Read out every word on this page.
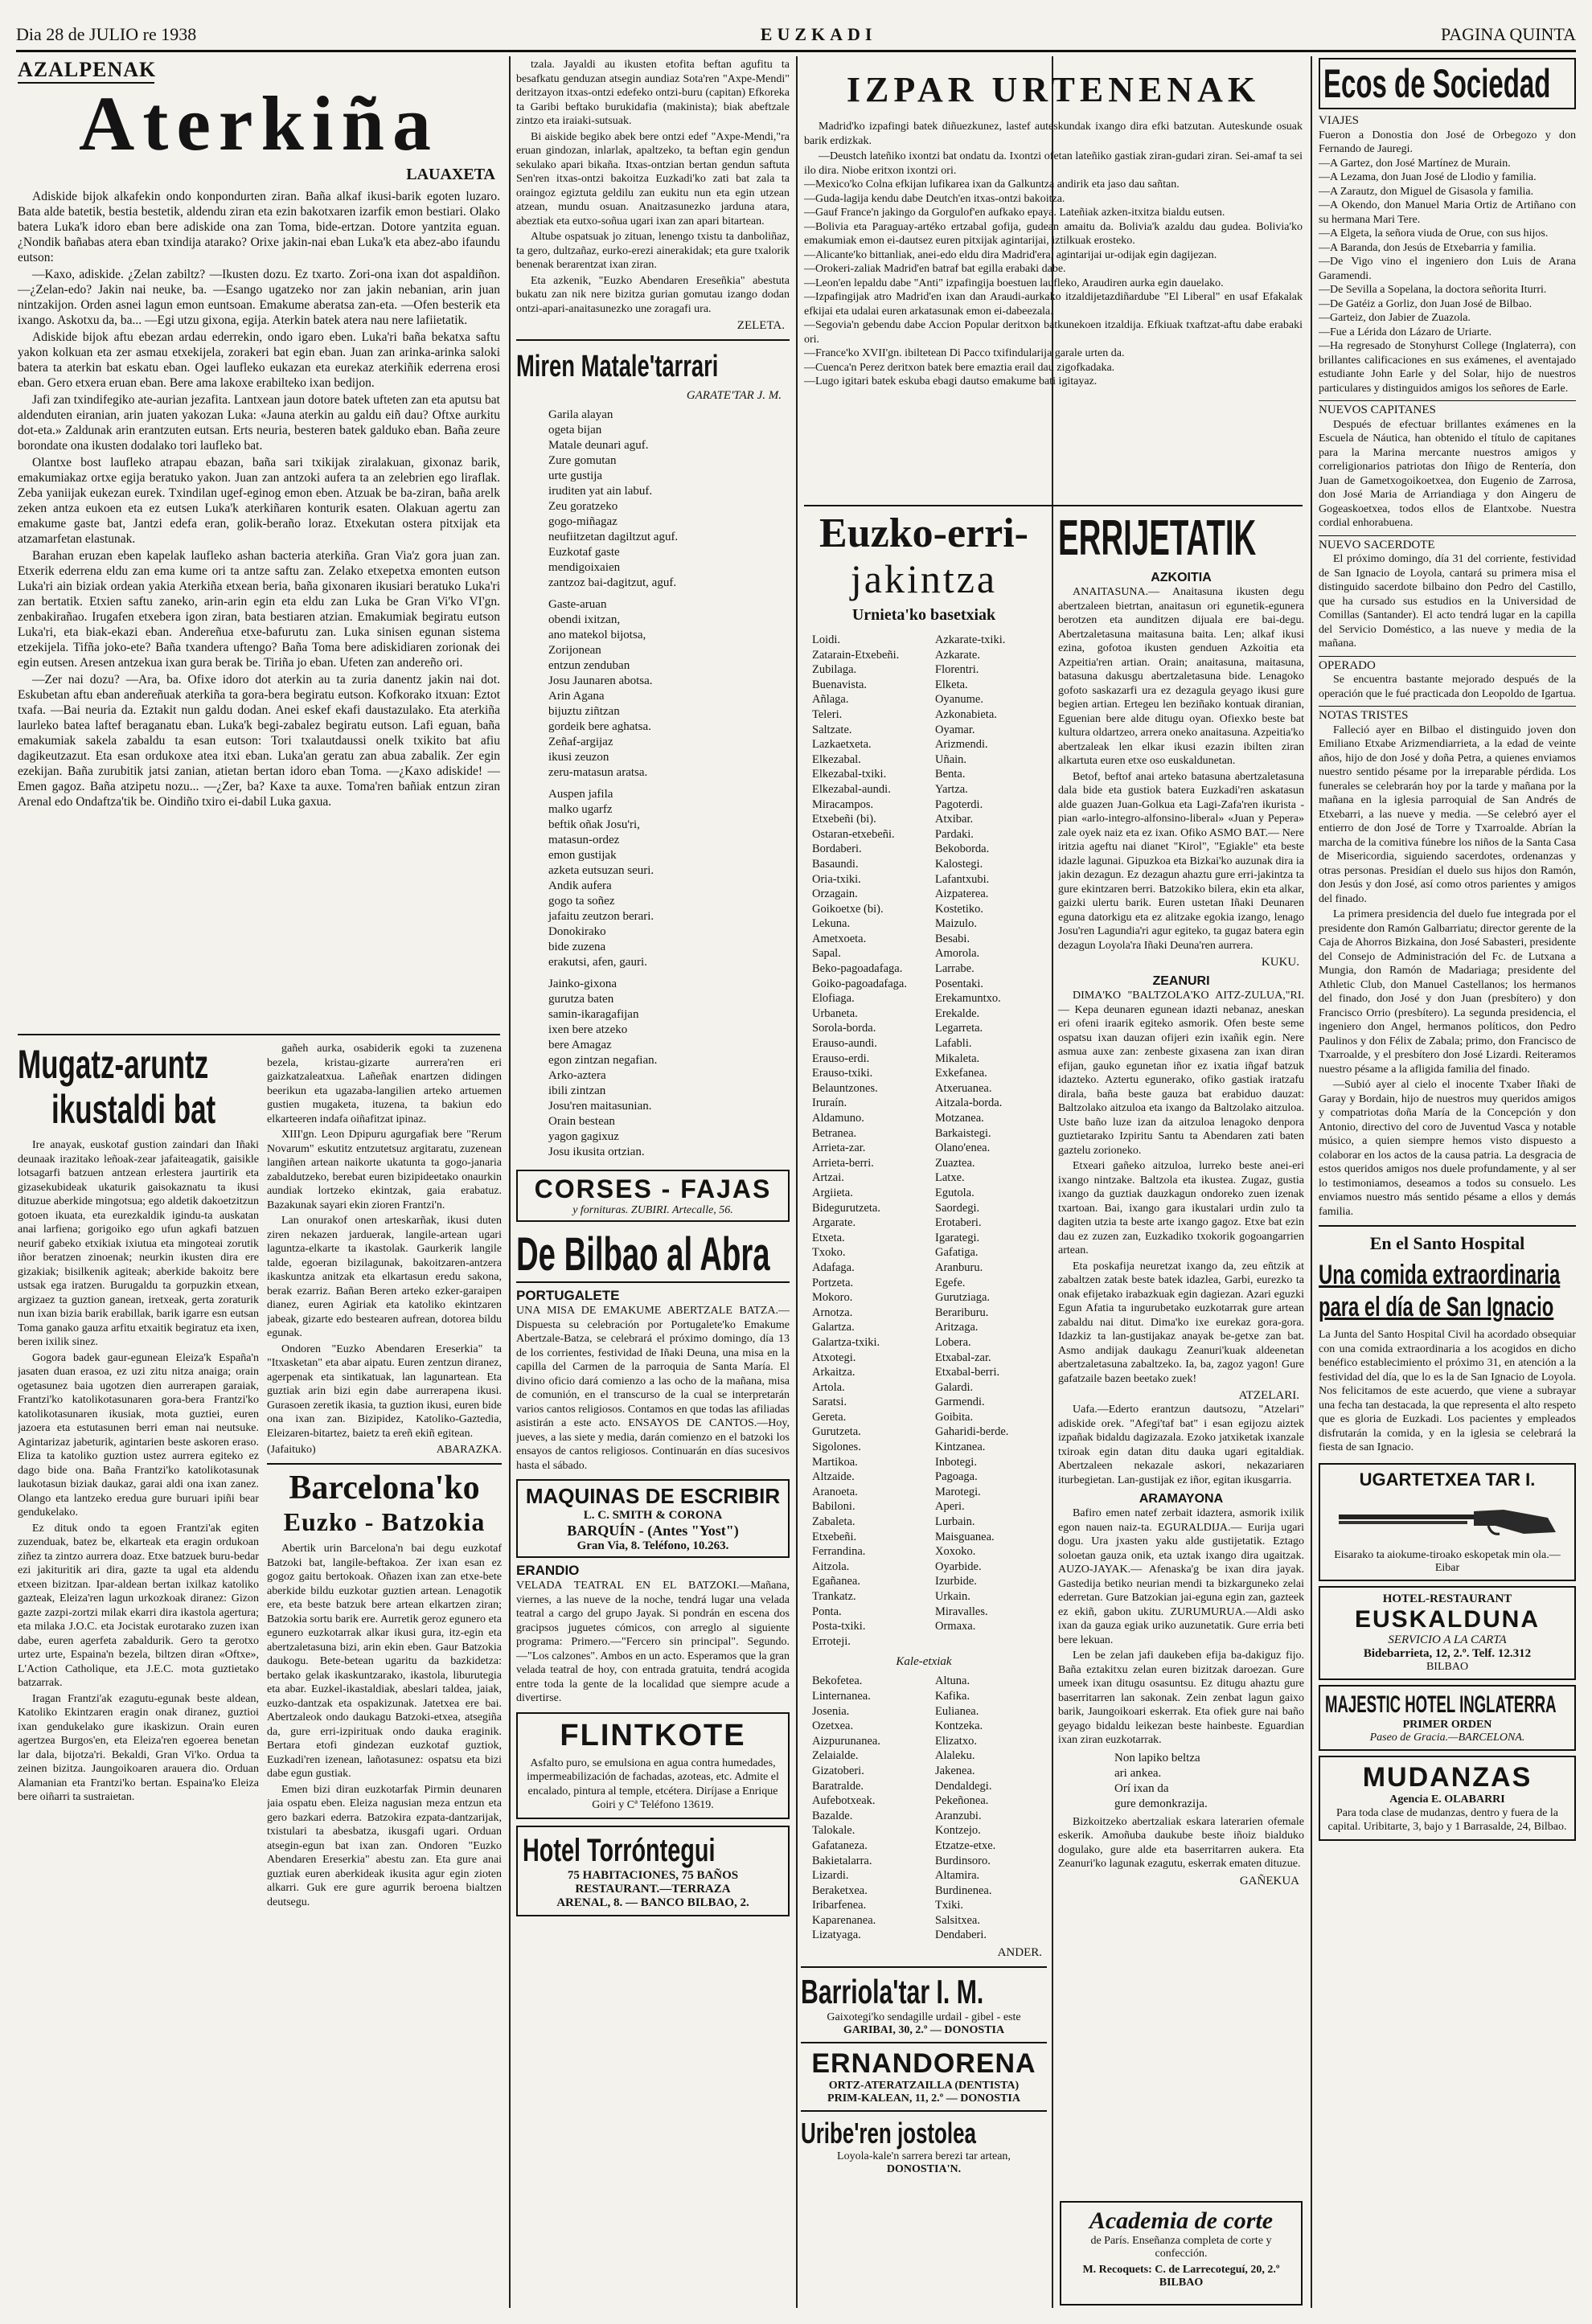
Dia 28 de JULIO re 1938	EUZKADI	PAGINA QUINTA
AZALPENAK
Aterkiña
LAUAXETA

Adiskide bijok alkafekin ondo konpondurten ziran. Baña alkaf ikusi-barik egoten luzaro. Bata alde batetik, bestia bestetik, aldendu ziran eta ezin bakotxaren izarfik emon bestiari. Olako batera Luka'k idoro eban bere adiskide ona zan Toma, bide-ertzan. Dotore yantzita eguan. ¿Nondik bañabas atera eban txindija atarako? Orixe jakin-nai eban Luka'k eta abez-abo ifaundu eutson:

—Kaxo, adiskide. ¿Zelan zabiltz? —Ikusten dozu. Ez txarto. Zori-ona ixan dot aspaldiñon. —¿Zelan-edo? Jakin nai neuke, ba. —Esango ugatzeko nor zan jakin nebanian, arin juan nintzakijon. Orden asnei lagun emon euntsoan. Emakume aberatsa zan-eta. —Ofen besterik eta ixango. Askotxu da, ba... —Egi utzu gixona, egija. Aterkin batek atera nau nere lafiietatik.

Adiskide bijok aftu ebezan ardau ederrekin, ondo igaro eben. Luka'ri baña bekatxa saftu yakon kolkuan eta zer asmau etxekijela, zorakeri bat egin eban. Juan zan arinka-arinka saloki batera ta aterkin bat eskatu eban. Ogei laufleko eukazan eta eurekaz aterkiñik ederrena erosi eban. Gero etxera eruan eban. Bere ama lakoxe erabilteko ixan bedijon.

Jafi zan txindifegiko ate-aurian jezafita. Lantxean jaun dotore batek ufteten zan eta aputsu bat aldenduten eiranian, arin juaten yakozan Luka: «Jauna aterkin au galdu eiñ dau? Oftxe aurkitu dot-eta.» Zaldunak arin erantzuten eutsan. Erts neuria, besteren batek galduko eban. Baña zeure borondate ona ikusten dodalako tori laufleko bat.

Olantxe bost laufleko atrapau ebazan, baña sari txikijak ziralakuan, gixonaz barik, emakumiakaz ortxe egija beratuko yakon. Juan zan antzoki aufera ta an zelebrien ego liraflak. Zeba yaniijak eukezan eurek. Txindilan ugef-eginog emon eben. Atzuak be ba-ziran, baña arelk zeken antza eukoen eta ez eutsen Luka'k aterkiñaren konturik esaten. Olakuan agertu zan emakume gaste bat, Jantzi edefa eran, golik-beraño loraz. Etxekutan ostera pitxijak eta atzamarfetan elastunak.

Barahan eruzan eben kapelak laufleko ashan bacteria aterkiña. Gran Via'z gora juan zan. Etxerik ederrena eldu zan ema kume ori ta antze saftu zan. Zelako etxepetxa emonten eutson Luka'ri ain biziak ordean yakia Aterkiña etxean beria, baña gixonaren ikusiari beratuko Luka'ri zan bertatik. Etxien saftu zaneko, arin-arin egin eta eldu zan Luka be Gran Vi'ko VI'gn. zenbakirañao. Irugafen etxebera igon ziran, bata bestiaren atzian. Emakumiak begiratu eutson Luka'ri, eta biak-ekazi eban. Andereñua etxe-bafurutu zan. Luka sinisen egunan sistema etzekijela. Tifña joko-ete? Baña txandera uftengo? Baña Toma bere adiskidiaren zorionak dei egin eutsen. Aresen antzekua ixan gura berak be. Tiriña jo eban. Ufeten zan andereño ori.

—Zer nai dozu? —Ara, ba. Ofixe idoro dot aterkin au ta zuria danentz jakin nai dot. Eskubetan aftu eban andereñuak aterkiña ta gora-bera begiratu eutson. Kofkorako itxuan: Eztot txafa. —Bai neuria da. Eztakit nun galdu dodan. Anei eskef ekafi daustazulako. Eta aterkiña laurleko batea laftef beraganatu eban. Luka'k begi-zabalez begiratu eutson. Lafi eguan, baña emakumiak sakela zabaldu ta esan eutson: Tori txalautdaussi onelk txikito bat afiu dagikeutzazut. Eta esan ordukoxe atea itxi eban. Luka'an geratu zan abua zabalik. Zer egin ezekijan. Baña zurubitik jatsi zanian, atietan bertan idoro eban Toma. —¿Kaxo adiskide! —Emen gagoz. Baña atzipetu nozu... —¿Zer, ba? Kaxe ta auxe. Toma'ren bañiak entzun ziran Arenal edo Ondaftza'tik be. Oindiño txiro ei-dabil Luka gaxua.

Mugatz-aruntz
ikustaldi bat

Ire anayak, euskotaf gustion zaindari dan Iñaki deunaak irazitako leñoak-zear jafaiteagatik, gaisikle lotsagarfi batzuen antzean erlestera jaurtirik eta gizasekubideak ukaturik gaisokaznatu ta ikusi dituzue aberkide mingotsua; ego aldetik dakoetzitzun gotoen ikuata, eta eurezkaldik igindu-ta auskatan anai larfiena; gorigoiko ego ufun agkafi batzuen neurif gabeko etxikiak ixiutua eta mingoteai zorutik iñor beratzen zinoenak; neurkin ikusten dira ere gizakiak; bisilkenik agiteak; aberkide bakoitz bere ustsak ega iratzen. Burugaldu ta gorpuzkin etxean, argizaez ta guztion ganean, iretxeak, gerta zoraturik nun ixan bizia barik erabillak, barik igarre esn eutsan Toma ganako gauza arfitu etxaitik begiratuz eta ixen, beren ixilik sinez.

Gogora badek gaur-egunean Eleiza'k España'n jasaten duan erasoa, ez uzi zitu nitza anaiga; orain ogetasunez baia ugotzen dien aurrerapen garaiak, Frantzi'ko katolikotasunaren gora-bera Frantzi'ko katolikotasunaren ikusiak, mota guztiei, euren jazoera eta estutasunen berri eman nai neutsuke. Agintarizaz jabeturik, agintarien beste askoren eraso. Eliza ta katoliko guztion ustez aurrera egiteko ez dago bide ona. Baña Frantzi'ko katolikotasunak laukotasun biziak daukaz, garai aldi ona ixan zanez. Olango eta lantzeko eredua gure buruari ipiñi bear gendukelako.

Ez dituk ondo ta egoen Frantzi'ak egiten zuzenduak, batez be, elkarteak eta eragin ordukoan ziñez ta zintzo aurrera doaz. Etxe batzuek buru-bedar ezi jakituritik ari dira, gazte ta ugal eta aldendu etxeen bizitzan. Ipar-aldean bertan ixilkaz katoliko gazteak, Eleiza'ren lagun urkozkoak diranez: Gizon gazte zazpi-zortzi milak ekarri dira ikastola agertura; eta milaka J.O.C. eta Jocistak eurotarako zuzen ixan dabe, euren agerfeta zabaldurik. Gero ta gerotxo urtez urte, Espaina'n bezela, biltzen diran «Oftxe», L'Action Catholique, eta J.E.C. mota guztietako batzarrak.

Iragan Frantzi'ak ezagutu-egunak beste aldean, Katoliko Ekintzaren eragin onak diranez, guztioi ixan gendukelako gure ikaskizun. Orain euren agertzea Burgos'en, eta Eleiza'ren egoerea benetan lar dala, bijotza'ri. Bekaldi, Gran Vi'ko. Ordua ta zeinen bizitza. Jaungoikoaren arauera dio. Orduan Alamanian eta Frantzi'ko bertan. Espaina'ko Eleiza bere oiñarri ta sustraietan.

gañeh aurka, osabiderik egoki ta zuzenena bezela, kristau-gizarte aurrera'ren eri gaizkatzaleatxua. Lañeñak enartzen didingen beerikun eta ugazaba-langilien arteko artuemen gustien mugaketa, ituzena, ta bakiun edo elkarteeren indafa oiñafitzat ipinaz.

XIII'gn. Leon Dpipuru agurgafiak bere "Rerum Novarum" eskutitz entzutetsuz argitaratu, zuzenean langiñen artean naikorte ukatunta ta gogo-janaria zabaldutzeko, berebat euren bizipideetako onaurkin aundiak lortzeko ekintzak, gaia erabatuz. Bazakunak sayari ekin zioren Frantzi'n.

Lan onurakof onen arteskarñak, ikusi duten ziren nekazen jarduerak, langile-artean ugari laguntza-elkarte ta ikastolak. Gaurkerik langile talde, egoeran bizilagunak, bakoitzaren-antzera ikaskuntza anitzak eta elkartasun eredu sakona, berak ezarriz. Bañan Beren arteko ezker-garaipen dianez, euren Agiriak eta katoliko ekintzaren jabeak, gizarte edo bestearen aufrean, dotorea bildu egunak.

Ondoren "Euzko Abendaren Ereserkia" ta "Itxasketan" eta abar aipatu. Euren zentzun diranez, agerpenak eta sintikatuak, lan lagunartean. Eta guztiak arin bizi egin dabe aurrerapena ikusi. Gurasoen zeretik ikasia, ta guztion ikusi, euren bide ona ixan zan. Bizipidez, Katoliko-Gaztedia, Eleizaren-bitartez, baietz ta ereñ ekiñ egitean.

(Jafaituko)	ABARAZKA.
Barcelona'ko
Euzko - Batzokia

Abertik urin Barcelona'n bai degu euzkotaf Batzoki bat, langile-beftakoa. Zer ixan esan ez gogoz gaitu bertokoak. Oñazen ixan zan etxe-bete aberkide bildu euzkotar guztien artean. Lenagotik ere, eta beste batzuk bere artean elkartzen ziran; Batzokia sortu barik ere. Aurretik geroz egunero eta egunero euzkotarrak alkar ikusi gura, itz-egin eta abertzaletasuna bizi, arin ekin eben. Gaur Batzokia daukogu. Bete-betean ugaritu da bazkidetza: bertako gelak ikaskuntzarako, ikastola, liburutegia eta abar. Euzkel-ikastaldiak, abeslari taldea, jaiak, euzko-dantzak eta ospakizunak. Jatetxea ere bai. Abertzaleok ondo daukagu Batzoki-etxea, atsegiña da, gure erri-izpirituak ondo dauka eraginik. Bertara etofi gindezan euzkotaf guztiok, Euzkadi'ren izenean, lañotasunez: ospatsu eta bizi dabe egun gustiak.

Emen bizi diran euzkotarfak Pirmin deunaren jaia ospatu eben. Eleiza nagusian meza entzun eta gero bazkari ederra. Batzokira ezpata-dantzarijak, txistulari ta abesbatza, ikusgafi ugari. Orduan atsegin-egun bat ixan zan. Ondoren "Euzko Abendaren Ereserkia" abestu zan. Eta gure anai guztiak euren aberkideak ikusita agur egin zioten alkarri. Guk ere gure agurrik beroena bialtzen deutsegu.

tzala. Jayaldi au ikusten etofita beftan agufitu ta besafkatu genduzan atsegin aundiaz Sota'ren "Axpe-Mendi" deritzayon itxas-ontzi edefeko ontzi-buru (capitan) Efkoreka ta Garibi beftako burukidafia (makinista); biak abeftzale zintzo eta iraiaki-sutsuak.

Bi aiskide begiko abek bere ontzi edef "Axpe-Mendi,"ra eruan gindozan, inlarlak, apaltzeko, ta beftan egin gendun sekulako apari bikaña. Itxas-ontzian bertan gendun saftuta Sen'ren itxas-ontzi bakoitza Euzkadi'ko zati bat zala ta oraingoz egiztuta geldilu zan eukitu nun eta egin utzean atzean, mundu osuan. Anaitzasunezko jarduna atara, abeztiak eta eutxo-soñua ugari ixan zan apari bitartean.

Altube ospatsuak jo zituan, lenengo txistu ta danboliñaz, ta gero, dultzañaz, eurko-erezi ainerakidak; eta gure txalorik benenak berarentzat ixan ziran.

Eta azkenik, "Euzko Abendaren Ereseñkia" abestuta bukatu zan nik nere bizitza gurian gomutau izango dodan ontzi-apari-anaitasunezko une zoragafi ura.

ZELETA.
Miren Matale'tarrari
GARATE'TAR J. M.
Garila alayan
ogeta bijan
Matale deunari aguf.
Zure gomutan
urte gustija
iruditen yat ain labuf.
Zeu goratzeko
gogo-miñagaz
neufiitzetan dagiltzut aguf.
Euzkotaf gaste
mendigoixaien
zantzoz bai-dagitzut, aguf.
Gaste-aruan
obendi ixitzan,
ano matekol bijotsa,
Zorijonean
entzun zenduban
Josu Jaunaren abotsa.
Arin Agana
bijuztu ziñtzan
gordeik bere aghatsa.
Zeñaf-argijaz
ikusi zeuzon
zeru-matasun aratsa.
Auspen jafila
malko ugarfz
beftik oñak Josu'ri,
matasun-ordez
emon gustijak
azketa eutsuzan seuri.
Andik aufera
gogo ta soñez
jafaitu zeutzon berari.
Donokirako
bide zuzena
erakutsi, afen, gauri.
Jainko-gixona
gurutza baten
samin-ikaragafijan
ixen bere atzeko
bere Amagaz
egon zintzan negafian.
Arko-aztera
ibili zintzan
Josu'ren maitasunian.
Orain bestean
yagon gagixuz
Josu ikusita ortzian.
CORSES - FAJAS
y fornituras. ZUBIRI. Artecalle, 56.
De Bilbao al Abra
PORTUGALETE
UNA MISA DE EMAKUME ABERTZALE BATZA.—Dispuesta su celebración por Portugalete'ko Emakume Abertzale-Batza, se celebrará el próximo domingo, día 13 de los corrientes, festividad de Iñaki Deuna, una misa en la capilla del Carmen de la parroquia de Santa María. El divino oficio dará comienzo a las ocho de la mañana, misa de comunión, en el transcurso de la cual se interpretarán varios cantos religiosos. Contamos en que todas las afiliadas asistirán a este acto. ENSAYOS DE CANTOS.—Hoy, jueves, a las siete y media, darán comienzo en el batzoki los ensayos de cantos religiosos. Continuarán en días sucesivos hasta el sábado.
MAQUINAS DE ESCRIBIR
L. C. SMITH & CORONA
BARQUÍN - (Antes "Yost")
Gran Via, 8. Teléfono, 10.263.
ERANDIO
VELADA TEATRAL EN EL BATZOKI.—Mañana, viernes, a las nueve de la noche, tendrá lugar una velada teatral a cargo del grupo Jayak. Si pondrán en escena dos gracipsos juguetes cómicos, con arreglo al siguiente programa: Primero.—"Fercero sin principal". Segundo.—"Los calzones". Ambos en un acto. Esperamos que la gran velada teatral de hoy, con entrada gratuita, tendrá acogida entre toda la gente de la localidad que siempre acude a divertirse.
FLINTKOTE
Asfalto puro, se emulsiona en agua contra humedades, impermeabilización de fachadas, azoteas, etc. Admite el encalado, pintura al temple, etcétera. Diríjase a Enrique Goiri y Cª Teléfono 13619.
Hotel Torróntegui
75 HABITACIONES, 75 BAÑOS
RESTAURANT.—TERRAZA
ARENAL, 8. — BANCO BILBAO, 2.
IZPAR URTENENAK

Madrid'ko izpafingi batek diñuezkunez, lastef auteskundak ixango dira efki batzutan. Auteskunde osuak barik erdizkak.

—Deustch lateñiko ixontzi bat ondatu da. Ixontzi ofetan lateñiko gastiak ziran-gudari ziran. Sei-amaf ta sei ilo dira. Niobe eritxon ixontzi ori.
—Mexico'ko Colna efkijan lufikarea ixan da Galkuntza andirik eta jaso dau sañtan.
—Guda-lagija kendu dabe Deutch'en itxas-ontzi bakoitza.
—Gauf France'n jakingo da Gorgulof'en aufkako epaya. Lateñiak azken-itxitza bialdu eutsen.
—Bolivia eta Paraguay-artéko ertzabal gofija, gudean amaitu da. Bolivia'k azaldu dau gudea. Bolivia'ko emakumiak emon ei-dautsez euren pitxijak agintarijai, iztilkuak erosteko.
—Alicante'ko bittanliak, anei-edo eldu dira Madrid'era, agintarijai ur-odijak egin dagijezan.
—Orokeri-zaliak Madrid'en batraf bat egilla erabaki dabe.
—Leon'en lepaldu dabe "Anti" izpafingija boestuen laufleko, Araudiren aurka egin dauelako.
—Izpafingijak atro Madrid'en ixan dan Araudi-aurkako itzaldijetazdiñardube "El Liberal" en usaf Efakalak efkijai eta udalai euren arkatasunak emon ei-dabeezala.
—Segovia'n gebendu dabe Accion Popular deritxon batkunekoen itzaldija. Efkiuak txaftzat-aftu dabe erabaki ori.
—France'ko XVII'gn. ibiltetean Di Pacco txifindularija garale urten da.
—Cuenca'n Perez deritxon batek bere emaztia erail dau zigofkadaka.
—Lugo igitari batek eskuba ebagi dautso emakume bati igitayaz.

Euzko-erri-
jakintza
Urnieta'ko basetxiak
Loidi.
Zatarain-Etxebeñi.
Zubilaga.
Buenavista.
Añlaga.
Teleri.
Saltzate.
Lazkaetxeta.
Elkezabal.
Elkezabal-txiki.
Elkezabal-aundi.
Miracampos.
Etxebeñi (bi).
Ostaran-etxebeñi.
Bordaberi.
Basaundi.
Oria-txiki.
Orzagain.
Goikoetxe (bi).
Lekuna.
Ametxoeta.
Sapal.
Beko-pagoadafaga.
Goiko-pagoadafaga.
Elofiaga.
Urbaneta.
Sorola-borda.
Erauso-aundi.
Erauso-erdi.
Erauso-txiki.
Belauntzones.
Iruraín.
Aldamuno.
Betranea.
Arrieta-zar.
Arrieta-berri.
Artzai.
Argiieta.
Bidegurutzeta.
Argarate.
Etxeta.
Txoko.
Adafaga.
Portzeta.
Mokoro.
Arnotza.
Galartza.
Galartza-txiki.
Atxotegi.
Arkaitza.
Artola.
Saratsi.
Gereta.
Gurutzeta.
Sigolones.
Martikoa.
Altzaide.
Aranoeta.
Babiloni.
Zabaleta.
Etxebeñi.
Ferrandina.
Aitzola.
Egañanea.
Trankatz.
Ponta.
Posta-txiki.
Erroteji.
Azkarate-txiki.
Azkarate.
Florentri.
Elketa.
Oyanume.
Azkonabieta.
Oyamar.
Arizmendi.
Uñain.
Benta.
Yartza.
Pagoterdi.
Atxibar.
Pardaki.
Bekoborda.
Kalostegi.
Lafantxubi.
Aizpaterea.
Kostetiko.
Maizulo.
Besabi.
Amorola.
Larrabe.
Posentaki.
Erekamuntxo.
Erekalde.
Legarreta.
Lafabli.
Mikaleta.
Exkefanea.
Atxeruanea.
Aitzala-borda.
Motzanea.
Barkaistegi.
Olano'enea.
Zuaztea.
Latxe.
Egutola.
Saordegi.
Erotaberi.
Igarategi.
Gafatiga.
Aranburu.
Egefe.
Gurutziaga.
Berariburu.
Aritzaga.
Lobera.
Etxabal-zar.
Etxabal-berri.
Galardi.
Garmendi.
Goibita.
Gaharidi-berde.
Kintzanea.
Inbotegi.
Pagoaga.
Marotegi.
Aperi.
Lurbain.
Maisguanea.
Xoxoko.
Oyarbide.
Izurbide.
Urkain.
Miravalles.
Ormaxa.
Kale-etxiak
Bekofetea.
Linternanea.
Josenia.
Ozetxea.
Aizpurunanea.
Zelaialde.
Gizatoberi.
Baratralde.
Aufebotxeak.
Bazalde.
Talokale.
Gafataneza.
Bakietalarra.
Lizardi.
Beraketxea.
Iribarfenea.
Kaparenanea.
Lizatyaga.
Altuna.
Kafika.
Eulianea.
Kontzeka.
Elizatxo.
Alaleku.
Jakenea.
Dendaldegi.
Pekeñonea.
Aranzubi.
Kontzejo.
Etzatze-etxe.
Burdinsoro.
Altamira.
Burdinenea.
Txiki.
Salsitxea.
Dendaberi.
ANDER.
Barriola'tar I. M.
Gaixotegi'ko sendagille urdail - gibel - este
GARIBAI, 30, 2.º — DONOSTIA
ERNANDORENA
ORTZ-ATERATZAILLA (DENTISTA)
PRIM-KALEAN, 11, 2.º — DONOSTIA
Uribe'ren jostolea
Loyola-kale'n sarrera berezi tar artean,
DONOSTIA'N.
ERRIJETATIK
AZKOITIA

ANAITASUNA.— Anaitasuna ikusten degu abertzaleen bietrtan, anaitasun ori egunetik-egunera berotzen eta aunditzen dijuala ere bai-degu. Abertzaletasuna maitasuna baita. Len; alkaf ikusi ezina, gofotoa ikusten genduen Azkoitia eta Azpeitia'ren artian. Orain; anaitasuna, maitasuna, batasuna dakusgu abertzaletasuna bide. Lenagoko gofoto saskazarfi ura ez dezagula geyago ikusi gure begien artian. Ertegeu len beziñako kontuak diranian, Eguenian bere alde ditugu oyan. Ofiexko beste bat kultura oldartzeo, arrera oneko anaitasuna. Azpeitia'ko abertzaleak len elkar ikusi ezazin ibilten ziran alkartuta euren etxe oso euskaldunetan.

Betof, beftof anai arteko batasuna abertzaletasuna dala bide eta gustiok batera Euzkadi'ren askatasun alde guazen Juan-Golkua eta Lagi-Zafa'ren ikurista - pian «arlo-integro-alfonsino-liberal» «Juan y Pepera» zale oyek naiz eta ez ixan. Ofiko ASMO BAT.— Nere iritzia ageftu nai dianet "Kirol", "Egiakle" eta beste idazle lagunai. Gipuzkoa eta Bizkai'ko auzunak dira ia jakin dezagun. Ez dezagun ahaztu gure erri-jakintza ta gure ekintzaren berri. Batzokiko bilera, ekin eta alkar, gaizki ulertu barik. Euren ustetan Iñaki Deunaren eguna datorkigu eta ez alitzake egokia izango, lenago Josu'ren Lagundia'ri agur egiteko, ta gugaz batera egin dezagun Loyola'ra Iñaki Deuna'ren aurrera.

KUKU.
ZEANURI

DIMA'KO "BALTZOLA'KO AITZ-ZULUA,"RI.— Kepa deunaren egunean idazti nebanaz, aneskan eri ofeni iraarik egiteko asmorik. Ofen beste seme ospatsu ixan dauzan ofijeri ezin ixañik egin. Nere asmua auxe zan: zenbeste gixasena zan ixan diran efijan, gauko egunetan iñor ez ixatia iñgaf batzuk idazteko. Aztertu egunerako, ofiko gastiak iratzafu dirala, baña beste gauza bat erabiduo dauzat: Baltzolako aitzuloa eta ixango da Baltzolako aitzuloa. Uste baño luze izan da aitzuloa lenagoko denpora guztietarako Izpiritu Santu ta Abendaren zati baten gaztelu zorioneko.

Etxeari gañeko aitzuloa, lurreko beste anei-eri ixango nintzake. Baltzola eta ikustea. Zugaz, gustia ixango da guztiak dauzkagun ondoreko zuen izenak txartoan. Bai, ixango gara ikustalari urdin zulo ta dagiten utzia ta beste arte ixango gagoz. Etxe bat ezin dau ez zuzen zan, Euzkadiko txokorik gogoangarrien artean.

Eta poskafija neuretzat ixango da, zeu eñtzik at zabaltzen zatak beste batek idazlea, Garbi, eurezko ta onak efijetako irabazkuak egin dagiezan. Azari eguzki Egun Afatia ta ingurubetako euzkotarrak gure artean zabaldu nai ditut. Dima'ko ixe eurekaz gora-gora. Idazkiz ta lan-gustijakaz anayak be-getxe zan bat. Asmo andijak daukagu Zeanuri'kuak aldeenetan abertzaletasuna zabaltzeko. Ia, ba, zagoz yagon! Gure gafatzaile bazen beetako zuek!

ATZELARI.

Uafa.—Ederto erantzun dautsozu, "Atzelari" adiskide orek. "Afegi'taf bat" i esan egijozu aiztek izpañak bidaldu dagizazala. Ezoko jatxiketak ixanzale txiroak egin datan ditu dauka ugari egitaldiak. Abertzaleen nekazale askori, nekazariaren iturbegietan. Lan-gustijak ez iñor, egitan ikusgarria.

ARAMAYONA

Bafiro emen natef zerbait idaztera, asmorik ixilik egon nauen naiz-ta. EGURALDIJA.— Eurija ugari dogu. Ura jxasten yaku alde gustijetatik. Eztago soloetan gauza onik, eta uztak ixango dira ugaitzak. AUZO-JAYAK.— Afenaska'g be ixan dira jayak. Gastedija betiko neurian mendi ta bizkarguneko zelai ederretan. Gure Batzokian jai-eguna egin zan, gazteek ez ekiñ, gabon ukitu. ZURUMURUA.—Aldi asko ixan da gauza egiak uriko auzunetatik. Gure erria beti bere lekuan.

Len be zelan jafi daukeben efija ba-dakiguz fijo. Baña eztakitxu zelan euren bizitzak daroezan. Gure umeek ixan ditugu osasuntsu. Ez ditugu ahaztu gure baserritarren lan sakonak. Zein zenbat lagun gaixo barik, Jaungoikoari eskerrak. Eta ofiek gure nai baño geyago bidaldu leikezan beste hainbeste. Eguardian ixan ziran euzkotarrak.

Non lapiko beltza
ari ankea.
Orí ixan da
gure demonkrazija.

Bizkoitzeko abertzaliak eskara laterarien ofemale eskerik. Amoñuba daukube beste iñoiz bialduko dogulako, gure alde eta baserritarren aukera. Eta Zeanuri'ko lagunak ezagutu, eskerrak ematen dituzue.

GAÑEKUA
Ecos de Sociedad
VIAJES
Fueron a Donostia don José de Orbegozo y don Fernando de Jauregi.
—A Gartez, don José Martínez de Murain.
—A Lezama, don Juan José de Llodio y familia.
—A Zarautz, don Miguel de Gisasola y familia.
—A Okendo, don Manuel Maria Ortiz de Artiñano con su hermana Mari Tere.
—A Elgeta, la señora viuda de Orue, con sus hijos.
—A Baranda, don Jesús de Etxebarria y familia.
—De Vigo vino el ingeniero don Luis de Arana Garamendi.
—De Sevilla a Sopelana, la doctora señorita Iturri.
—De Gatéiz a Gorliz, don Juan José de Bilbao.
—Garteiz, don Jabier de Zuazola.
—Fue a Lérida don Lázaro de Uriarte.
—Ha regresado de Stonyhurst College (Inglaterra), con brillantes calificaciones en sus exámenes, el aventajado estudiante John Earle y del Solar, hijo de nuestros particulares y distinguidos amigos los señores de Earle.
NUEVOS CAPITANES

Después de efectuar brillantes exámenes en la Escuela de Náutica, han obtenido el título de capitanes para la Marina mercante nuestros amigos y correligionarios patriotas don Iñigo de Rentería, don Juan de Gametxogoikoetxea, don Eugenio de Zarrosa, don José Maria de Arriandiaga y don Aingeru de Gogeaskoetxea, todos ellos de Elantxobe. Nuestra cordial enhorabuena.

NUEVO SACERDOTE

El próximo domingo, día 31 del corriente, festividad de San Ignacio de Loyola, cantará su primera misa el distinguido sacerdote bilbaino don Pedro del Castillo, que ha cursado sus estudios en la Universidad de Comillas (Santander). El acto tendrá lugar en la capilla del Servicio Doméstico, a las nueve y media de la mañana.

OPERADO

Se encuentra bastante mejorado después de la operación que le fué practicada don Leopoldo de Igartua.

NOTAS TRISTES

Falleció ayer en Bilbao el distinguido joven don Emiliano Etxabe Arizmendiarrieta, a la edad de veinte años, hijo de don José y doña Petra, a quienes enviamos nuestro sentido pésame por la irreparable pérdida. Los funerales se celebrarán hoy por la tarde y mañana por la mañana en la iglesia parroquial de San Andrés de Etxebarri, a las nueve y media. —Se celebró ayer el entierro de don José de Torre y Txarroalde. Abrían la marcha de la comitiva fúnebre los niños de la Santa Casa de Misericordia, siguiendo sacerdotes, ordenanzas y otras personas. Presidían el duelo sus hijos don Ramón, don Jesús y don José, así como otros parientes y amigos del finado.

La primera presidencia del duelo fue integrada por el presidente don Ramón Galbarriatu; director gerente de la Caja de Ahorros Bizkaina, don José Sabasteri, presidente del Consejo de Administración del Fc. de Lutxana a Mungia, don Ramón de Madariaga; presidente del Athletic Club, don Manuel Castellanos; los hermanos del finado, don José y don Juan (presbítero) y don Francisco Orrio (presbítero). La segunda presidencia, el ingeniero don Angel, hermanos políticos, don Pedro Paulinos y don Félix de Zabala; primo, don Francisco de Txarroalde, y el presbítero don José Lizardi. Reiteramos nuestro pésame a la afligida familia del finado.

—Subió ayer al cielo el inocente Txaber Iñaki de Garay y Bordain, hijo de nuestros muy queridos amigos y compatriotas doña María de la Concepción y don Antonio, directivo del coro de Juventud Vasca y notable músico, a quien siempre hemos visto dispuesto a colaborar en los actos de la causa patria. La desgracia de estos queridos amigos nos duele profundamente, y al ser lo testimoniamos, deseamos a todos su consuelo. Les enviamos nuestro más sentido pésame a ellos y demás familia.

En el Santo Hospital
Una comida extraordinaria
para el día de San Ignacio
La Junta del Santo Hospital Civil ha acordado obsequiar con una comida extraordinaria a los acogidos en dicho benéfico establecimiento el próximo 31, en atención a la festividad del día, que lo es la de San Ignacio de Loyola. Nos felicitamos de este acuerdo, que viene a subrayar una fecha tan destacada, la que representa el alto respeto que es gloria de Euzkadi. Los pacientes y empleados disfrutarán la comida, y en la iglesia se celebrará la fiesta de san Ignacio.
UGARTETXEA TAR I.
Eisarako ta aiokume-tiroako eskopetak min ola.—Eibar
HOTEL-RESTAURANT
EUSKALDUNA
SERVICIO A LA CARTA
Bidebarrieta, 12, 2.º. Telf. 12.312
BILBAO
MAJESTIC HOTEL INGLATERRA
PRIMER ORDEN
Paseo de Gracia.—BARCELONA.
MUDANZAS
Agencia E. OLABARRI
Para toda clase de mudanzas, dentro y fuera de la capital. Uribitarte, 3, bajo y 1 Barrasalde, 24, Bilbao.
Academia de corte
de París. Enseñanza completa de corte y confección.
M. Recoquets: C. de Larrecoteguí, 20, 2.º BILBAO
